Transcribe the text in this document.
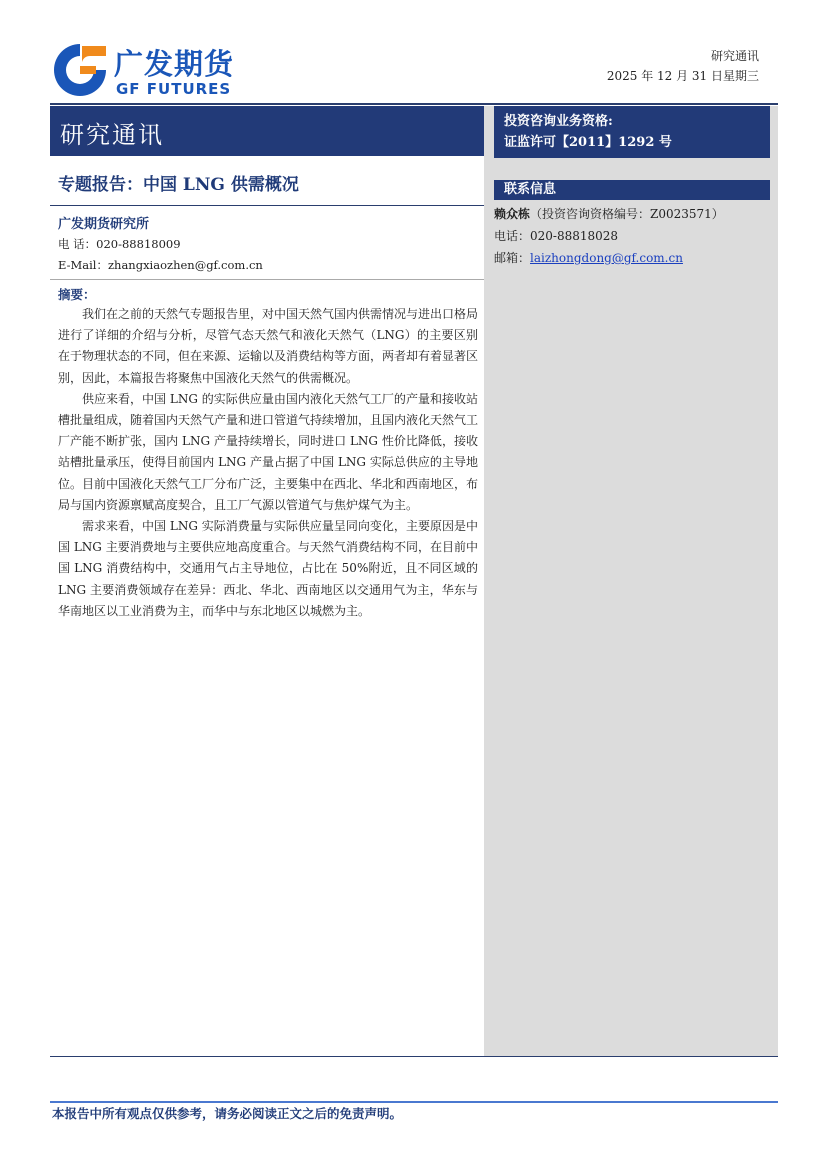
广发期货
GF FUTURES
研究通讯
2025 年 12 月 31 日星期三
研究通讯	投资咨询业务资格:
证监许可【2011】1292 号
专题报告：中国 LNG 供需概况
广发期货研究所
电 话：020-88818009
E-Mail：zhangxiaozhen@gf.com.cn
摘要：

我们在之前的天然气专题报告里，对中国天然气国内供需情况与进出口格局进行了详细的介绍与分析，尽管气态天然气和液化天然气（LNG）的主要区别在于物理状态的不同，但在来源、运输以及消费结构等方面，两者却有着显著区别，因此，本篇报告将聚焦中国液化天然气的供需概况。

供应来看，中国 LNG 的实际供应量由国内液化天然气工厂的产量和接收站槽批量组成，随着国内天然气产量和进口管道气持续增加，且国内液化天然气工厂产能不断扩张，国内 LNG 产量持续增长，同时进口 LNG 性价比降低，接收站槽批量承压，使得目前国内 LNG 产量占据了中国 LNG 实际总供应的主导地位。目前中国液化天然气工厂分布广泛，主要集中在西北、华北和西南地区，布局与国内资源禀赋高度契合，且工厂气源以管道气与焦炉煤气为主。

需求来看，中国 LNG 实际消费量与实际供应量呈同向变化，主要原因是中国 LNG 主要消费地与主要供应地高度重合。与天然气消费结构不同，在目前中国 LNG 消费结构中，交通用气占主导地位，占比在 50%附近，且不同区域的 LNG 主要消费领域存在差异：西北、华北、西南地区以交通用气为主，华东与华南地区以工业消费为主，而华中与东北地区以城燃为主。

联系信息
赖众栋（投资咨询资格编号：Z0023571）
电话：020-88818028
邮箱：laizhongdong@gf.com.cn
本报告中所有观点仅供参考，请务必阅读正文之后的免责声明。
